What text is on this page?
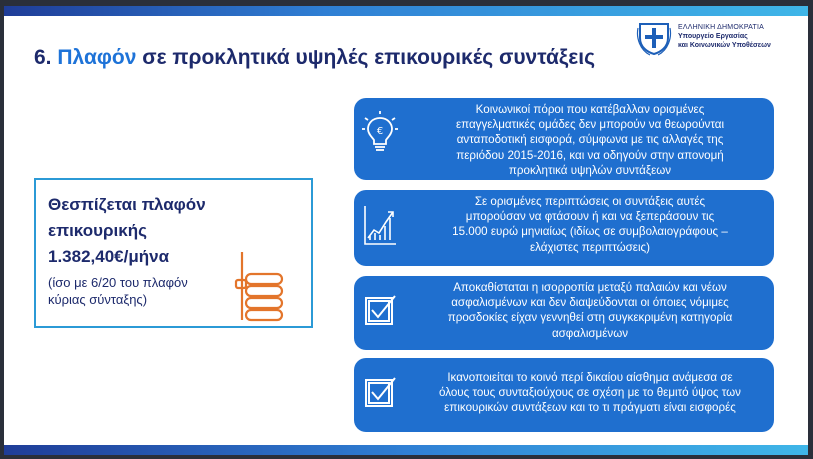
6. Πλαφόν σε προκλητικά υψηλές επικουρικές συντάξεις
ΕΛΛΗΝΙΚΗ ΔΗΜΟΚΡΑΤΙΑ
Υπουργείο Εργασίας
και Κοινωνικών Υποθέσεων
Θεσπίζεται πλαφόν
επικουρικής
1.382,40€/μήνα
(ίσο με 6/20 του πλαφόν
κύριας σύνταξης)
€
Κοινωνικοί πόροι που κατέβαλλαν ορισμένες
επαγγελματικές ομάδες δεν μπορούν να θεωρούνται
ανταποδοτική εισφορά, σύμφωνα με τις αλλαγές της
περιόδου 2015-2016, και να οδηγούν στην απονομή
προκλητικά υψηλών συντάξεων
Σε ορισμένες περιπτώσεις οι συντάξεις αυτές
μπορούσαν να φτάσουν ή και να ξεπεράσουν τις
15.000 ευρώ μηνιαίως (ιδίως σε συμβολαιογράφους –
ελάχιστες περιπτώσεις)
Αποκαθίσταται η ισορροπία μεταξύ παλαιών και νέων
ασφαλισμένων και δεν διαψεύδονται οι όποιες νόμιμες
προσδοκίες είχαν γεννηθεί στη συγκεκριμένη κατηγορία
ασφαλισμένων
Ικανοποιείται το κοινό περί δικαίου αίσθημα ανάμεσα σε
όλους τους συνταξιούχους σε σχέση με το θεμιτό ύψος των
επικουρικών συντάξεων και το τι πράγματι είναι εισφορές
